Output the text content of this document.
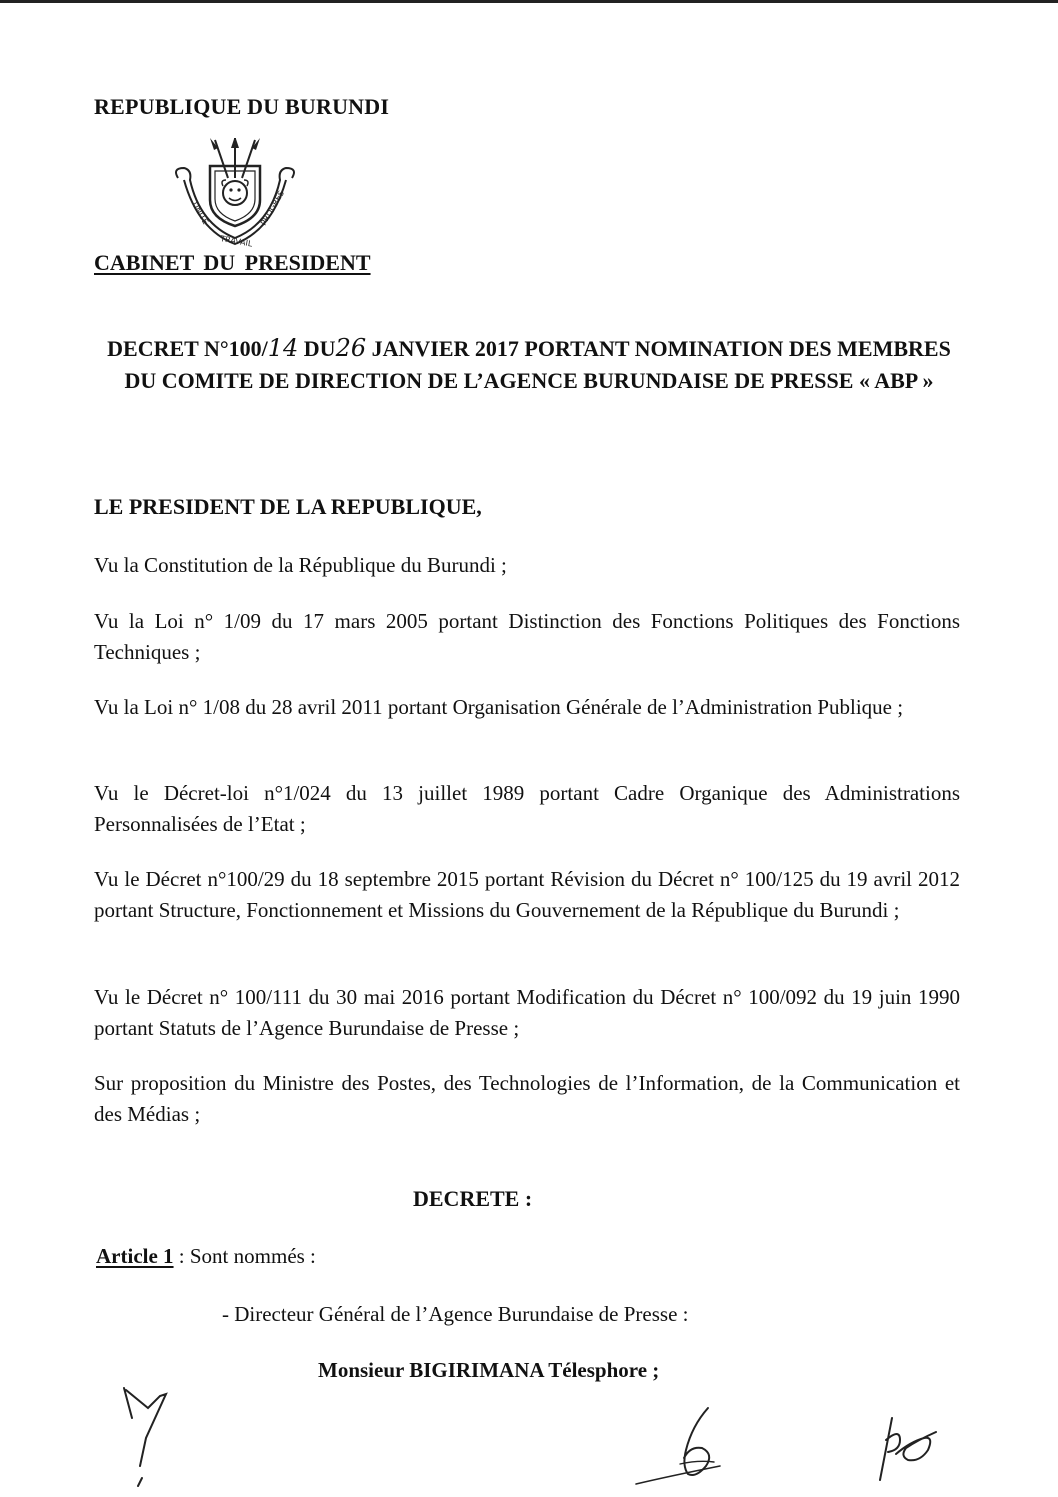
REPUBLIQUE DU BURUNDI
UNITE
TRAVAIL
PROGRES
CABINET DU PRESIDENT
DECRET N°100/14 DU26 JANVIER 2017 PORTANT NOMINATION DES MEMBRES DU COMITE DE DIRECTION DE L’AGENCE BURUNDAISE DE PRESSE « ABP »
LE PRESIDENT DE LA REPUBLIQUE,
Vu la Constitution de la République du Burundi ;
Vu la Loi n° 1/09 du 17 mars 2005 portant Distinction des Fonctions Politiques des Fonctions Techniques ;
Vu la Loi n° 1/08 du 28 avril 2011 portant Organisation Générale de l’Administration Publique ;
Vu le Décret-loi n°1/024 du 13 juillet 1989 portant Cadre Organique des Administrations Personnalisées de l’Etat ;
Vu le Décret n°100/29 du 18 septembre 2015 portant Révision du Décret n° 100/125 du 19 avril 2012 portant Structure, Fonctionnement et Missions du Gouvernement de la République du Burundi ;
Vu le Décret n° 100/111 du 30 mai 2016 portant Modification du Décret n° 100/092 du 19 juin 1990 portant Statuts de l’Agence Burundaise de Presse ;
Sur proposition du Ministre des Postes, des Technologies de l’Information, de la Communication et des Médias ;
DECRETE :
Article 1 : Sont nommés :
- Directeur Général de l’Agence Burundaise de Presse :
Monsieur BIGIRIMANA Télesphore ;
